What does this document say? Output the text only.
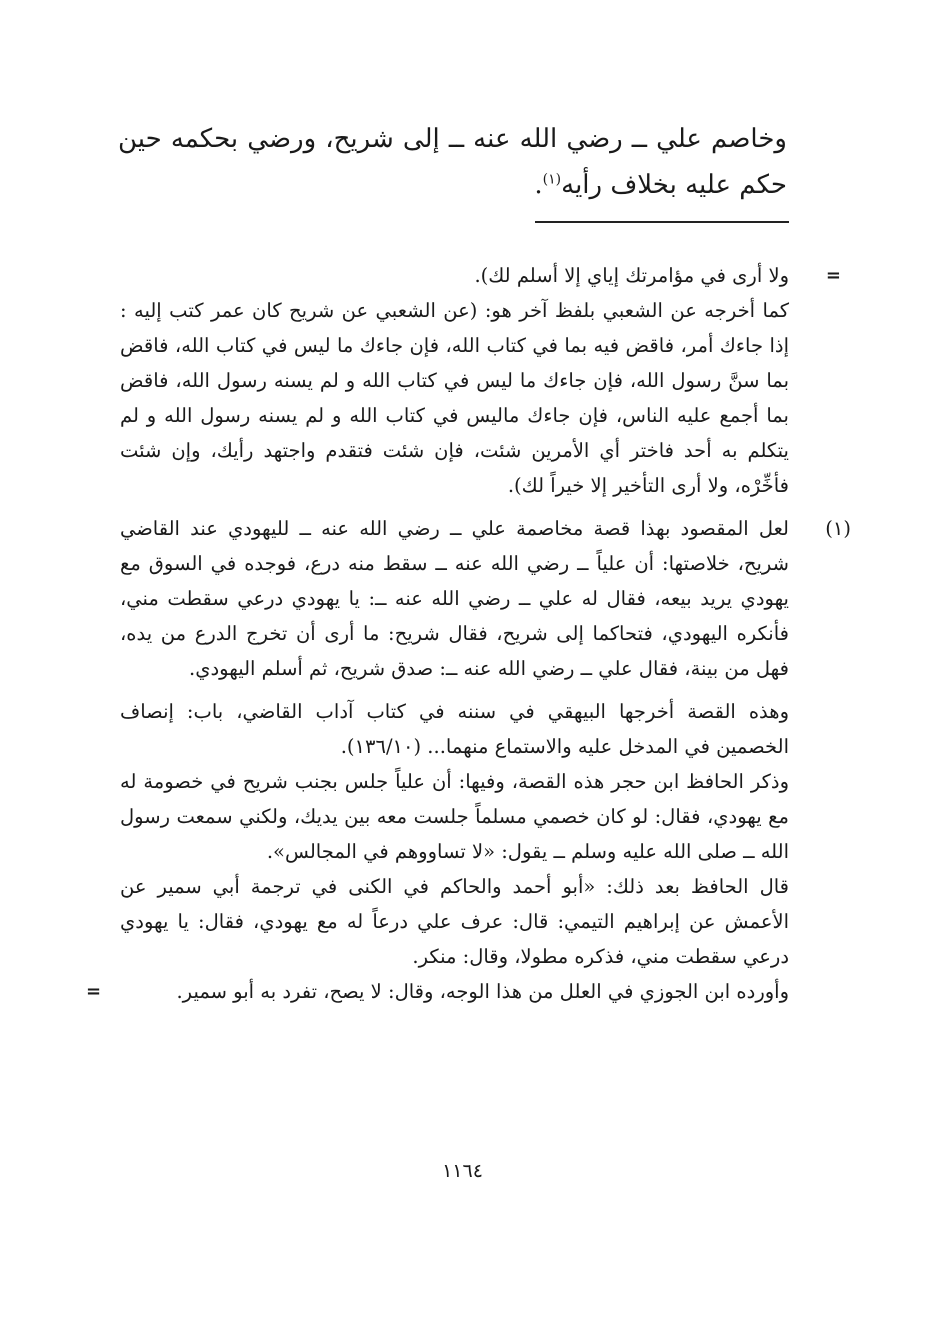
وخاصم علي ــ رضي الله عنه ــ إلى شريح، ورضي بحكمه حين حكم عليه بخلاف رأيه$^{(١)}$.
=

ولا أرى في مؤامرتك إياي إلا أسلم لك).

كما أخرجه عن الشعبي بلفظ آخر هو: (عن الشعبي عن شريح كان عمر كتب إليه : إذا جاءك أمر، فاقض فيه بما في كتاب الله، فإن جاءك ما ليس في كتاب الله، فاقض بما سنَّ رسول الله، فإن جاءك ما ليس في كتاب الله و لم يسنه رسول الله، فاقض بما أجمع عليه الناس، فإن جاءك ماليس في كتاب الله و لم يسنه رسول الله و لم يتكلم به أحد فاختر أي الأمرين شئت، فإن شئت فتقدم واجتهد رأيك، وإن شئت فأخِّرْه، ولا أرى التأخير إلا خيراً لك).

(١)

لعل المقصود بهذا قصة مخاصمة علي ــ رضي الله عنه ــ لليهودي عند القاضي شريح، خلاصتها: أن علياً ــ رضي الله عنه ــ سقط منه درع، فوجده في السوق مع يهودي يريد بيعه، فقال له علي ــ رضي الله عنه ــ: يا يهودي درعي سقطت مني، فأنكره اليهودي، فتحاكما إلى شريح، فقال شريح: ما أرى أن تخرج الدرع من يده، فهل من بينة، فقال علي ــ رضي الله عنه ــ: صدق شريح، ثم أسلم اليهودي.

وهذه القصة أخرجها البيهقي في سننه في كتاب آداب القاضي، باب: إنصاف الخصمين في المدخل عليه والاستماع منهما... (١٣٦/١٠).

وذكر الحافظ ابن حجر هذه القصة، وفيها: أن علياً جلس بجنب شريح في خصومة له مع يهودي، فقال: لو كان خصمي مسلماً جلست معه بين يديك، ولكني سمعت رسول الله ــ صلى الله عليه وسلم ــ يقول: «لا تساووهم في المجالس».

قال الحافظ بعد ذلك: «أبو أحمد والحاكم في الكنى في ترجمة أبي سمير عن الأعمش عن إبراهيم التيمي: قال: عرف علي درعاً له مع يهودي، فقال: يا يهودي درعي سقطت مني، فذكره مطولا، وقال: منكر.

وأورده ابن الجوزي في العلل من هذا الوجه، وقال: لا يصح، تفرد به أبو سمير.
=

١١٦٤
